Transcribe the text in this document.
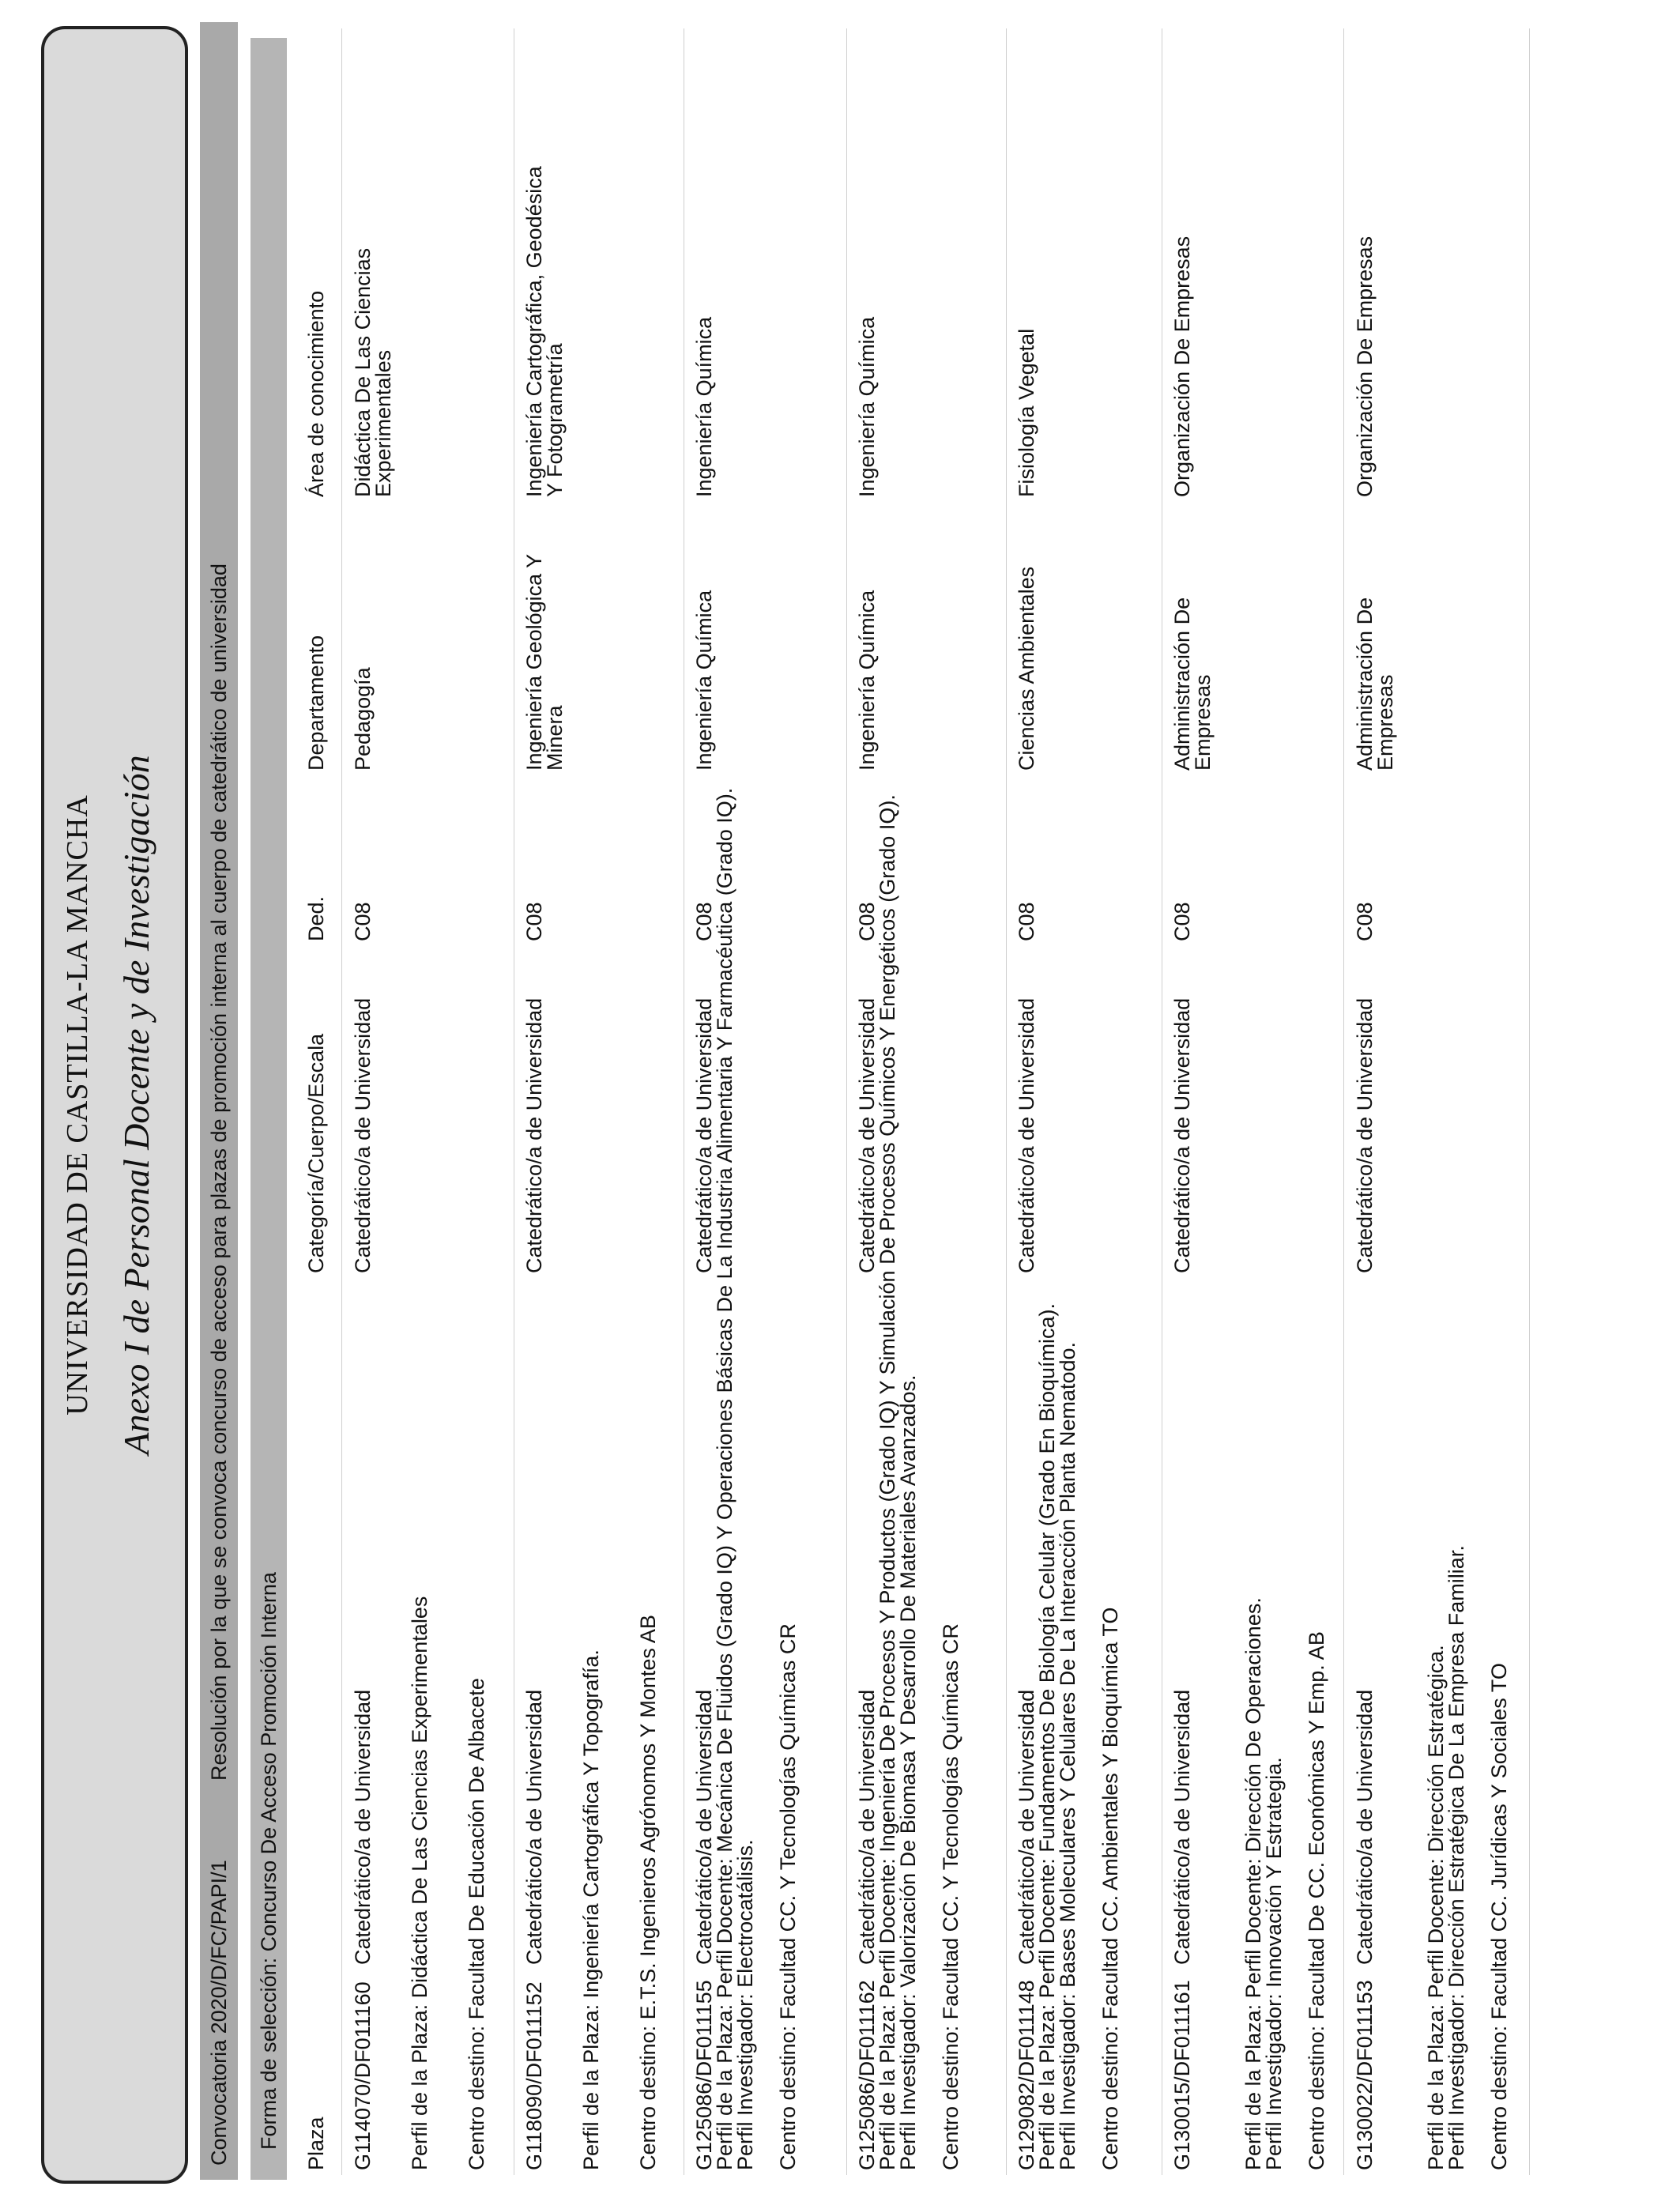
UNIVERSIDAD DE CASTILLA-LA MANCHA Anexo I de Personal Docente y de Investigación
Convocatoria 2020/D/FC/PAPI/1
Resolución por la que se convoca concurso de acceso para plazas de promoción interna al cuerpo de catedrático de universidad
Forma de selección: Concurso De Acceso Promoción Interna Plaza
Categoría/Cuerpo/Escala
Ded.
Departamento
Área de conocimiento
G114070/DF011160
Catedrático/a de Universidad
Catedrático/a de Universidad
C08
Pedagogía
Didáctica De Las Ciencias
Experimentales
Perfil de la Plaza: Didáctica De Las Ciencias Experimentales Centro destino: Facultad De Educación De Albacete G118090/DF011152
Catedrático/a de Universidad
Catedrático/a de Universidad
C08
Ingeniería Geológica Y
Minera
Ingeniería Cartográfica, Geodésica
Y Fotogrametría
Perfil de la Plaza: Ingeniería Cartográfica Y Topografía. Centro destino: E.T.S. Ingenieros Agrónomos Y Montes AB G125086/DF011155
Catedrático/a de Universidad
Catedrático/a de Universidad
C08
Ingeniería Química
Ingeniería Química
Perfil de la Plaza: Perfil Docente: Mecánica De Fluidos (Grado IQ) Y Operaciones Básicas De La Industria Alimentaria Y Farmacéutica (Grado IQ).
Perfil Investigador: Electrocatálisis. Centro destino: Facultad CC. Y Tecnologías Químicas CR	G125086/DF011162
Catedrático/a de Universidad
Catedrático/a de Universidad
C08
Ingeniería Química
Ingeniería Química
Perfil de la Plaza: Perfil Docente: Ingeniería De Procesos Y Productos (Grado IQ) Y Simulación De Procesos Químicos Y Energéticos (Grado IQ).
Perfil Investigador: Valorización De Biomasa Y Desarrollo De Materiales Avanzados. Centro destino: Facultad CC. Y Tecnologías Químicas CR G129082/DF011148
Catedrático/a de Universidad
Catedrático/a de Universidad
C08
Ciencias Ambientales
Fisiología Vegetal
Perfil de la Plaza: Perfil Docente: Fundamentos De Biología Celular (Grado En Bioquímica).
Perfil Investigador: Bases Moleculares Y Celulares De La Interacción Planta Nematodo. Centro destino: Facultad CC. Ambientales Y Bioquímica TO G130015/DF011161
Catedrático/a de Universidad
Catedrático/a de Universidad
C08
Administración De
Empresas
Organización De Empresas
Perfil de la Plaza: Perfil Docente: Dirección De Operaciones.
Perfil Investigador: Innovación Y Estrategia. Centro destino: Facultad De CC. Económicas Y Emp. AB G130022/DF011153
Catedrático/a de Universidad
Catedrático/a de Universidad
C08
Administración De
Empresas
Organización De Empresas
Perfil de la Plaza: Perfil Docente: Dirección Estratégica.
Perfil Investigador: Dirección Estratégica De La Empresa Familiar. Centro destino: Facultad CC. Jurídicas Y Sociales TO
